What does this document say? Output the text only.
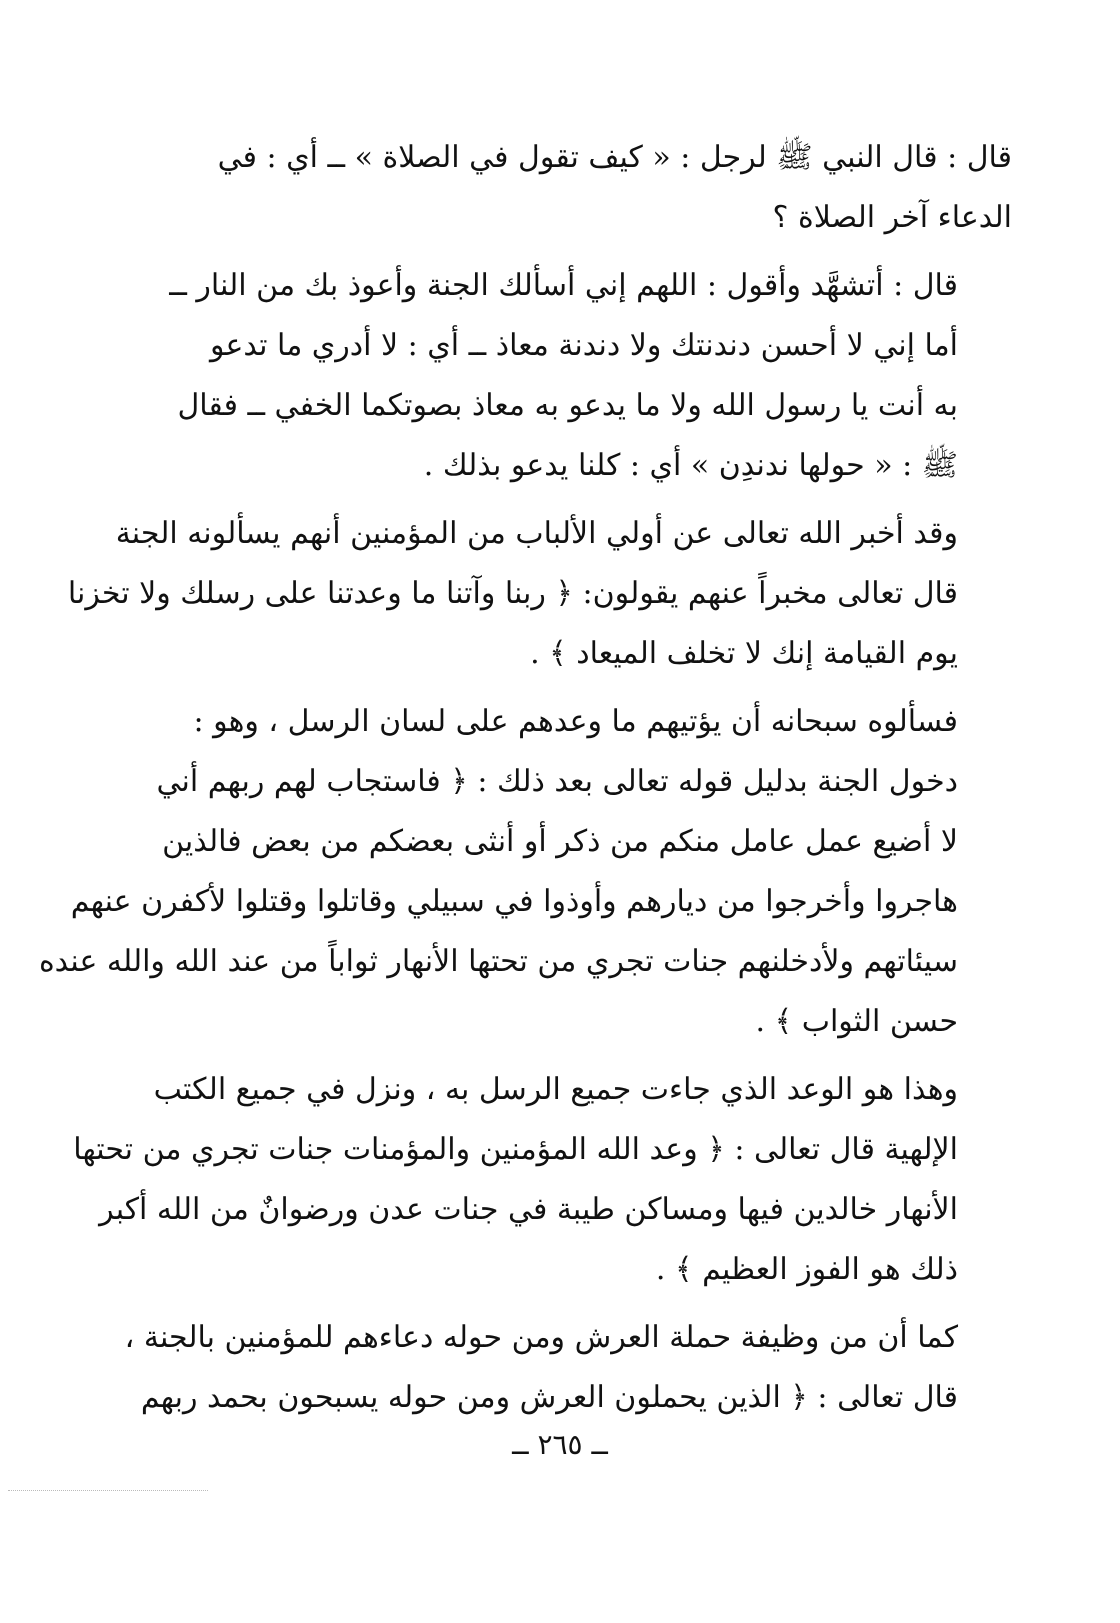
قال : قال النبي ﷺ لرجل : « كيف تقول في الصلاة » ــ أي : في
الدعاء آخر الصلاة ؟

قال : أتشهَّد وأقول : اللهم إني أسألك الجنة وأعوذ بك من النار ــ
أما إني لا أحسن دندنتك ولا دندنة معاذ ــ أي : لا أدري ما تدعو
به أنت يا رسول الله ولا ما يدعو به معاذ بصوتكما الخفي ــ فقال
ﷺ : « حولها ندندِن » أي : كلنا يدعو بذلك .

وقد أخبر الله تعالى عن أولي الألباب من المؤمنين أنهم يسألونه الجنة
قال تعالى مخبراً عنهم يقولون: ﴿ ربنا وآتنا ما وعدتنا على رسلك ولا تخزنا
يوم القيامة إنك لا تخلف الميعاد ﴾ .

فسألوه سبحانه أن يؤتيهم ما وعدهم على لسان الرسل ، وهو :
دخول الجنة بدليل قوله تعالى بعد ذلك : ﴿ فاستجاب لهم ربهم أني
لا أضيع عمل عامل منكم من ذكر أو أنثى بعضكم من بعض فالذين
هاجروا وأخرجوا من ديارهم وأوذوا في سبيلي وقاتلوا وقتلوا لأكفرن عنهم
سيئاتهم ولأدخلنهم جنات تجري من تحتها الأنهار ثواباً من عند الله والله عنده
حسن الثواب ﴾ .

وهذا هو الوعد الذي جاءت جميع الرسل به ، ونزل في جميع الكتب
الإلهية قال تعالى : ﴿ وعد الله المؤمنين والمؤمنات جنات تجري من تحتها
الأنهار خالدين فيها ومساكن طيبة في جنات عدن ورضوانٌ من الله أكبر
ذلك هو الفوز العظيم ﴾ .

كما أن من وظيفة حملة العرش ومن حوله دعاءهم للمؤمنين بالجنة ،
قال تعالى : ﴿ الذين يحملون العرش ومن حوله يسبحون بحمد ربهم

ــ ٢٦٥ ــ
